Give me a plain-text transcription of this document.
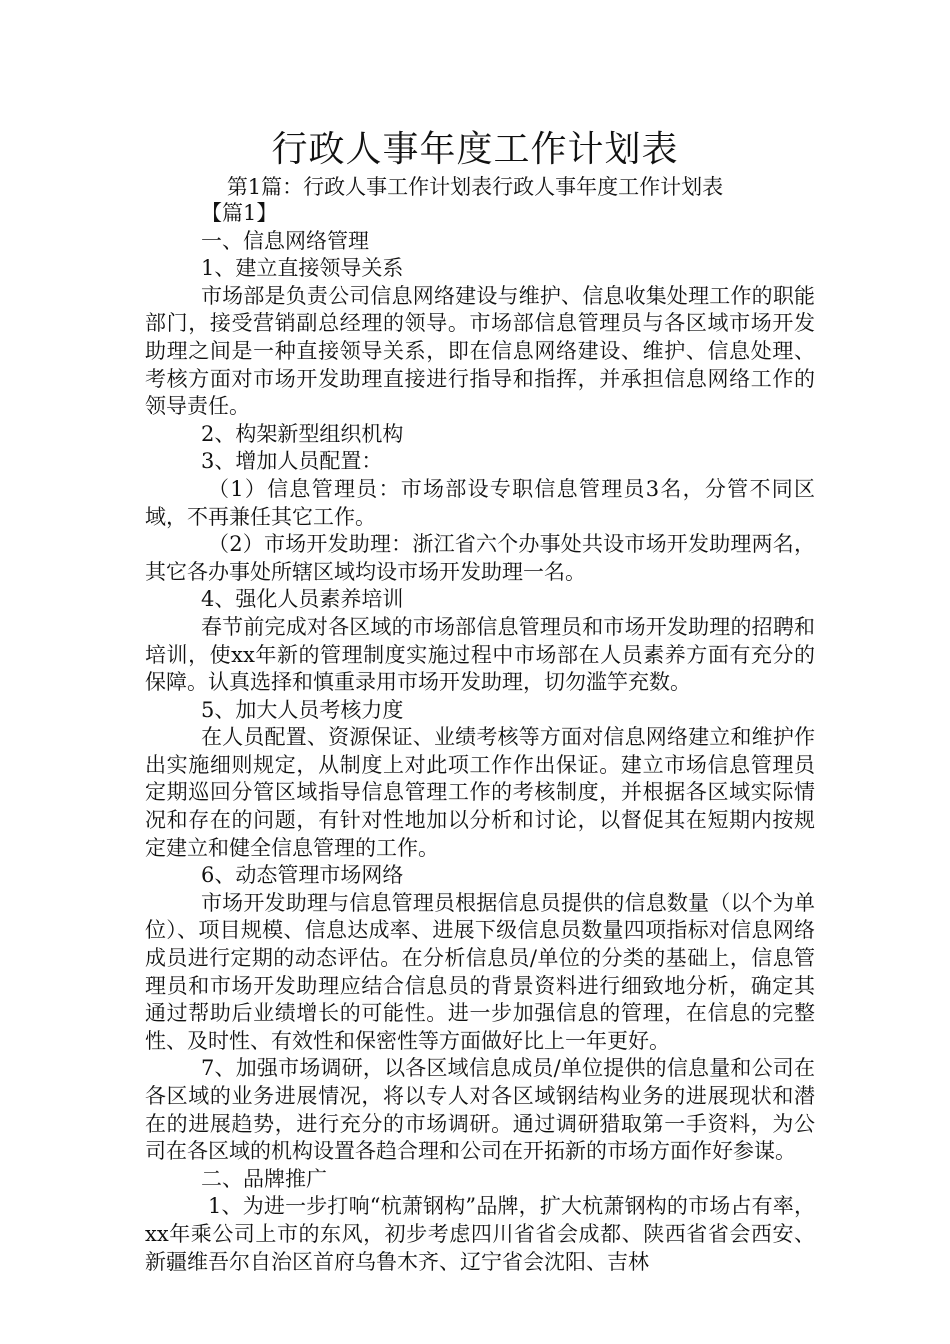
行政人事年度工作计划表
第1篇：行政人事工作计划表行政人事年度工作计划表

【篇1】

一、信息网络管理

1、建立直接领导关系

市场部是负责公司信息网络建设与维护、信息收集处理工作的职能部门，接受营销副总经理的领导。市场部信息管理员与各区域市场开发助理之间是一种直接领导关系，即在信息网络建设、维护、信息处理、考核方面对市场开发助理直接进行指导和指挥，并承担信息网络工作的领导责任。

2、构架新型组织机构

3、增加人员配置：

（1）信息管理员：市场部设专职信息管理员3名，分管不同区域，不再兼任其它工作。

（2）市场开发助理：浙江省六个办事处共设市场开发助理两名，其它各办事处所辖区域均设市场开发助理一名。

4、强化人员素养培训

春节前完成对各区域的市场部信息管理员和市场开发助理的招聘和培训，使xx年新的管理制度实施过程中市场部在人员素养方面有充分的保障。认真选择和慎重录用市场开发助理，切勿滥竽充数。

5、加大人员考核力度

在人员配置、资源保证、业绩考核等方面对信息网络建立和维护作出实施细则规定，从制度上对此项工作作出保证。建立市场信息管理员定期巡回分管区域指导信息管理工作的考核制度，并根据各区域实际情况和存在的问题，有针对性地加以分析和讨论，以督促其在短期内按规定建立和健全信息管理的工作。

6、动态管理市场网络

市场开发助理与信息管理员根据信息员提供的信息数量（以个为单位）、项目规模、信息达成率、进展下级信息员数量四项指标对信息网络成员进行定期的动态评估。在分析信息员/单位的分类的基础上，信息管理员和市场开发助理应结合信息员的背景资料进行细致地分析，确定其通过帮助后业绩增长的可能性。进一步加强信息的管理，在信息的完整性、及时性、有效性和保密性等方面做好比上一年更好。

7、加强市场调研，以各区域信息成员/单位提供的信息量和公司在各区域的业务进展情况，将以专人对各区域钢结构业务的进展现状和潜在的进展趋势，进行充分的市场调研。通过调研猎取第一手资料，为公司在各区域的机构设置各趋合理和公司在开拓新的市场方面作好参谋。

二、品牌推广

1、为进一步打响“杭萧钢构”品牌，扩大杭萧钢构的市场占有率，xx年乘公司上市的东风，初步考虑四川省省会成都、陕西省省会西安、新疆维吾尔自治区首府乌鲁木齐、辽宁省会沈阳、吉林
